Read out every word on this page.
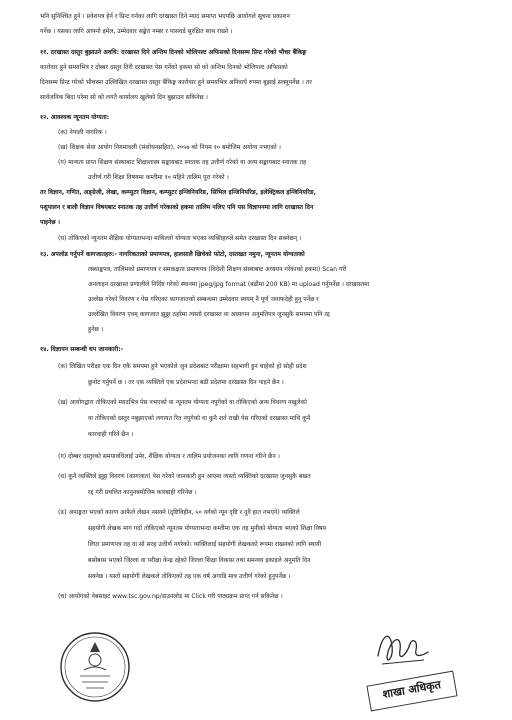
भनि सुनिश्चित हुने । प्रवेशपत्र हेर्न र प्रिन्ट गर्नका लागि दरखास्त दिने म्याद समाप्त भएपछि आयोगले सूचना प्रकाशन
गर्नेछ । यसका लागि आफ्नो इमेल, उम्मेदवार सङ्केत नम्बर र पासवर्ड सुरक्षित साथ राख्ने ।
११. दरखास्त दस्तुर बुझाउने अवधि: दरखास्त दिने अन्तिम दिनको भोलिपल्ट अफिसको दिनसम्म प्रिन्ट गरेको भौचर बैंकिङ्ग
कारोवार हुने समयभित्र र दोब्बर दस्तुर तिरी दरखास्त पेस गर्नेको हकमा सो को अन्तिम दिनको भोलिपल्ट अफिसको
दिनसम्म प्रिन्ट गरेको भौचरमा उल्लिखित दरखास्त दस्तुर बैंकिङ्ग कारोवार हुने समयभित्र अनिवार्य रुपमा बुझाई सक्नुपर्नेछ । तर
सार्वजनिक बिदा परेमा सो को लगतै कार्यालय खुलेको दिन बुझाउन सकिनेछ ।
१२. आवश्यक न्यूनतम योग्यता:
(क) नेपाली नागरिक ।
(ख) शिक्षक सेवा आयोग नियमावली (संशोधनसहित), २०५७ को नियम १० बमोजिम अयोग्य नभएको ।
(ग) मान्यता प्राप्त शिक्षण संस्थाबाट शिक्षाशास्त्र सङ्कायबाट स्नातक तह उत्तीर्ण गरेको वा अन्य सङ्कायबाट स्नातक तह
उत्तीर्ण गरी शिक्षा विषयमा कम्तीमा १० महिने तालिम पूरा गरेको ।
तर विज्ञान, गणित, अङ्ग्रेजी, लेखा, कम्प्युटर विज्ञान, कम्प्युटर इन्जिनियरिङ, सिभिल इन्जिनियरिङ, इलेक्ट्रिकल इन्जिनियरिङ,
पशुपालन र बाली विज्ञान विषयबाट स्नातक तह उत्तीर्ण गरेकाको हकमा तालिम नलिए पनि यस विज्ञापनमा लागि दरखास्त दिन
पाइनेछ ।
(घ) तोकिएको न्यूनतम शैक्षिक योग्यताभन्दा माथिल्लो योग्यता भएका व्यक्तिहरुले समेत दरखास्त दिन सक्नेछन् ।
१३. अपलोड गर्नुपर्ने कागजातहरु:- नागरिकताको प्रमाणपत्र, हालसालै खिचेको फोटो, दस्तखत नमुना, न्यूनतम योग्यताको
लब्धाङ्कपत्र, तालिमको प्रमाणपत्र र समकक्षता प्रमाणपत्र (विदेशी शिक्षण संस्थाबाट अध्ययन गरेकाको हकमा) Scan गरी
अनलाइन दरखास्त प्रणालीले निर्दिष्ट गरेको स्थानमा jpeg/jpg format (बढीमा 200 KB) मा upload गर्नुपर्नेछ । दरखास्तमा
उल्लेख गरेको विवरण र पेस गरिएका कागजातको सम्बन्धमा उम्मेदवार स्वयम् नै पूर्ण जवाफदेही हुनु पर्नेछ र
उल्लेखित विवरण एवम् कागजात झुठ्ठा ठहरेमा त्यस्तो दरखास्त वा अध्यापन अनुमतिपत्र जुनसुकै समयमा पनि रद्द
हुनेछ ।
१४. विज्ञापन सम्बन्धी थप जानकारी:-
(क) लिखित परीक्षा एक दिन एकै समयमा हुने भएकोले जुन प्रदेशबाट परीक्षामा सहभागी हुन चाहेको हो सोही प्रदेश
छुनोट गर्नुपर्ने छ । तर एक व्यक्तिले एक प्रदेशभन्दा बढी प्रदेशमा दरखास्त दिन पाइने छैन ।
(ख) आयोगद्वारा तोकिएको म्यादभित्र पेस नभएको वा न्यूनतम योग्यता नपुगेको वा तोकिएको अन्य विवरण नखुलेको
वा तोकिएको दस्तुर नबुझाएको लगायत रित नपुगेको वा कुनै शर्त राखी पेस गरिएको दरखास्त माथि कुनै
कारवाही गरिने छैन ।
(ग) दोब्बर दस्तुरको समयावधिलाई उमेर, शैक्षिक योग्यता र तालिम प्रयोजनका लागि गणना गरिने छैन ।
(घ) कुनै व्यक्तिले झुट्ठा विवरण (कागजात) पेस गरेको जानकारी हुन आएमा त्यस्तो व्यक्तिको दरखास्त जुनसुकै बखत
रद्द गरी प्रचलित कानुनबमोजिम कारबाही गरिनेछ ।
(ङ) अपाङ्गता भएको कारण आफैले लेखन नसक्ने (दृष्टिविहीन, ५० वर्गको न्यून दृष्टि र दुवै हात नभएने) व्यक्तिले
सहयोगी लेखक माग गर्दा तोकिएको न्यूनतम योग्यताभन्दा कम्तीमा एक तह मुनीको योग्यता भएको शिक्षा विषय
लिएर प्रमाणपत्र तह वा सो सरह उत्तीर्ण नगरेको। व्यक्तिलाई सहयोगी लेखकको रूपमा राखनको लागि स्थायी
बसोबास भएको जिल्ला वा परीक्षा केन्द्र रहेको जिल्ला शिक्षा विकास तथा समन्वय इकाइले अनुमति दिन
सक्नेछ । यस्तो सहयोगी लेखकले तोकिएको तह एक वर्ष अगाडि मात्र उत्तीर्ण गरेको हुनुपर्नेछ ।
(च) आयोगको वेबसाइट www.tsc.gov.np/डाउनलोड मा Click गरी पाठ्यक्रम प्राप्त गर्न सकिनेछ ।
शाखा अधिकृत
